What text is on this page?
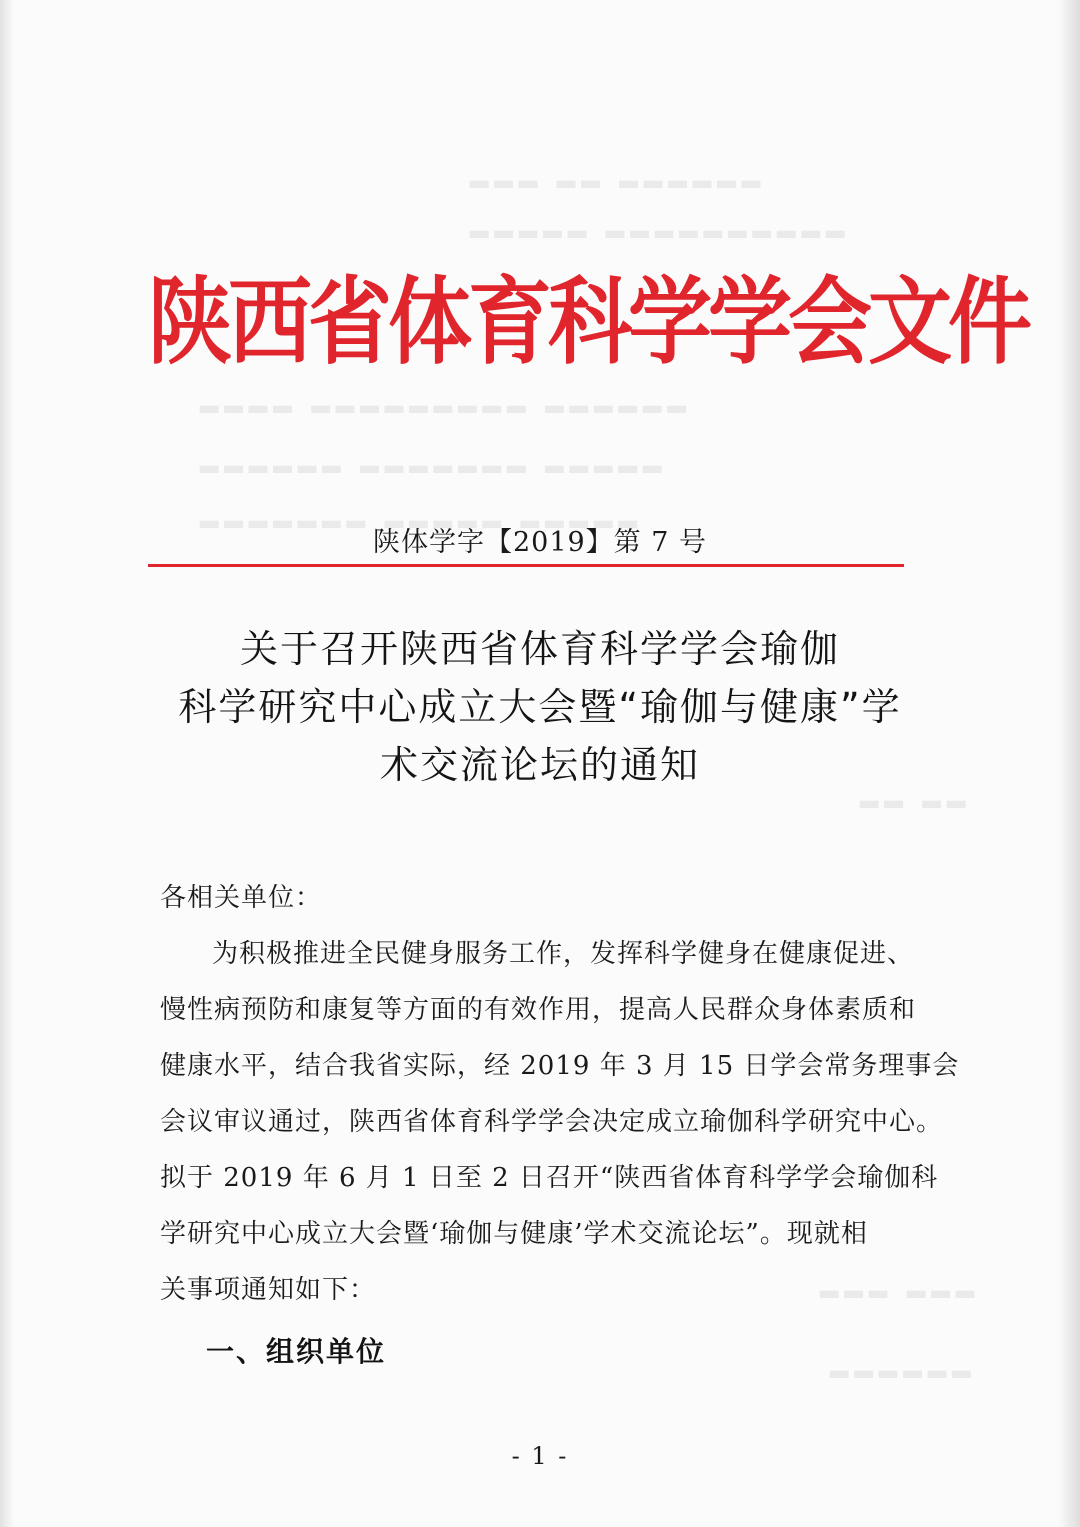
▂▂▂ ▂▂ ▂▂▂▂▂▂
▂▂▂▂▂ ▂▂▂▂▂▂▂▂▂▂
▂▂▂▂ ▂▂▂▂▂▂▂▂▂ ▂▂▂▂▂▂
▂▂▂▂▂▂ ▂▂▂▂▂▂▂ ▂▂▂▂▂
▂▂▂▂▂▂▂ ▂▂▂▂▂ ▂▂▂▂▂
▂▂ ▂▂
▂▂▂ ▂▂▂
▂▂▂▂▂▂
陕西省体育科学学会文件
陕体学字【2019】第 7 号
关于召开陕西省体育科学学会瑜伽
科学研究中心成立大会暨“瑜伽与健康”学
术交流论坛的通知
各相关单位：
为积极推进全民健身服务工作，发挥科学健身在健康促进、
慢性病预防和康复等方面的有效作用，提高人民群众身体素质和
健康水平，结合我省实际，经 2019 年 3 月 15 日学会常务理事会
会议审议通过，陕西省体育科学学会决定成立瑜伽科学研究中心。
拟于 2019 年 6 月 1 日至 2 日召开“陕西省体育科学学会瑜伽科
学研究中心成立大会暨‘瑜伽与健康’学术交流论坛”。现就相
关事项通知如下：
一、组织单位
- 1 -
